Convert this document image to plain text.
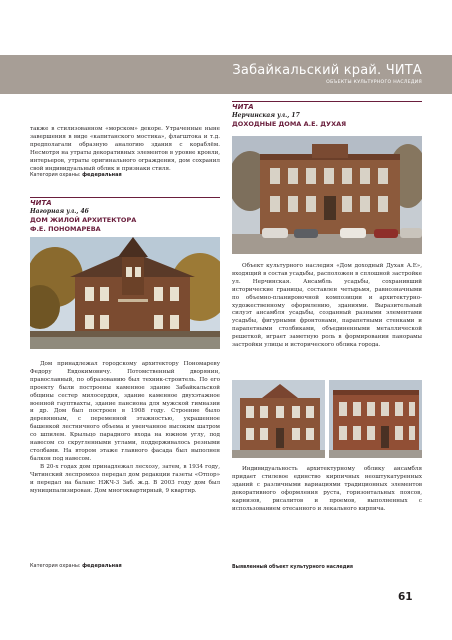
Забайкальский край. ЧИТА
ОБЪЕКТЫ КУЛЬТУРНОГО НАСЛЕДИЯ

также в стилизованном «морском» декоре. Утраченные ныне завершения в виде «капитанского мостика», флагштока и т.д. предполагали образную аналогию здания с кораблём. Несмотря на утраты декоративных элементов в уровне кровли, интерьеров, утраты оригинального ограждения, дом сохранил свой индивидуальный облик и признаки стиля.

Категория охраны: федеральная
ЧИТА
Нагорная ул., 46
ДОМ ЖИЛОЙ АРХИТЕКТОРА
Ф.Е. ПОНОМАРЕВА

Дом принадлежал городскому архитектору Пономареву Федору Евдокимовичу. Потомственный дворянин, православный, по образованию был техник-строитель. По его проекту были построены каменное здание Забайкальской общины сестер милосердия, здание каменное двухэтажное военной гауптвахты, здание пансиона для мужской гимназии и др. Дом был построен в 1908 году. Строение было деревянным, с переменной этажностью, украшенное башенкой лестничного объема и увенчанное высоким шатром со шпилем. Крыльцо парадного входа на южном углу, под навесом со скругленными углами, поддерживалось резными столбами. На втором этаже главного фасада был выполнен балкон под навесом.

В 20-х годах дом принадлежал лесхозу, затем, в 1934 году, Читинский леспромхоз передал дом редакции газеты «Отпор» и передал на баланс НЖЧ-3 Заб. ж.д. В 2003 году дом был муниципализирован. Дом многоквартирный, 9 квартир.

Категория охраны: федеральная
ЧИТА
Нерчинская ул., 17
ДОХОДНЫЕ ДОМА А.Е. ДУХАЯ

Объект культурного наследия «Дом доходный Духая А.Е», входящий в состав усадьбы, расположен в сплошной застройке ул. Нерчинская. Ансамбль усадьбы, сохранивший исторические границы, составлен четырьмя, равнозначными по объемно-планировочной композиции и архитектурно-художественному оформлению, зданиями. Выразительный силуэт ансамбля усадьбы, созданный разными элементами усадьбы, фигурными фронтонами, парапетными стенками и парапетными столбиками, объединенными металлической решеткой, играет заметную роль в формировании панорамы застройки улицы и исторического облика города.

Индивидуальность архитектурному облику ансамбля придает стилевое единство кирпичных неоштукатуренных зданий с различными вариациями традиционных элементов декоративного оформления руста, горизонтальных поясов, карнизов, рисалитов и проемов, выполненных с использованием отесанного и лекального кирпича.

Выявленный объект культурного наследия
61
